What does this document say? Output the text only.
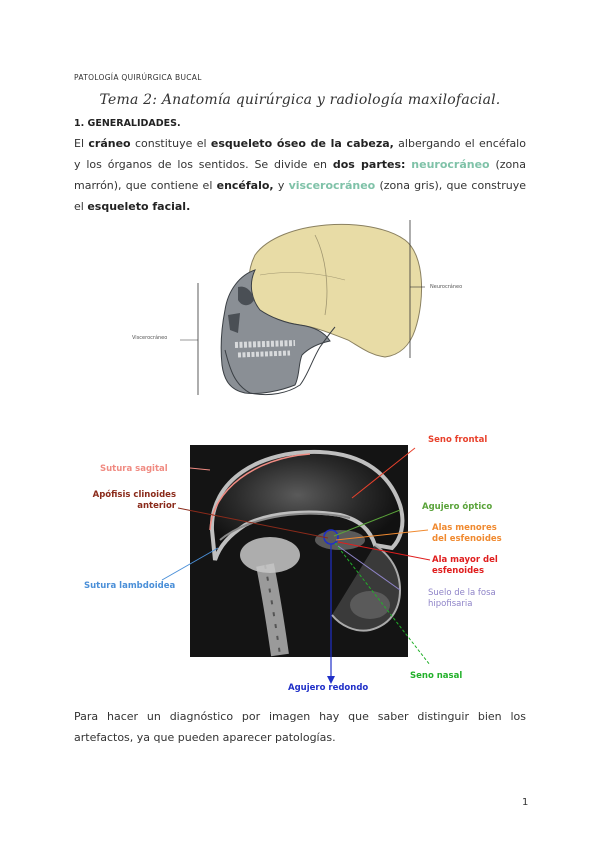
PATOLOGÍA QUIRÚRGICA BUCAL
Tema 2: Anatomía quirúrgica y radiología maxilofacial.
1. GENERALIDADES.
El cráneo constituye el esqueleto óseo de la cabeza, albergando el encéfalo y los órganos de los sentidos. Se divide en dos partes: neurocráneo (zona marrón), que contiene el encéfalo, y viscerocráneo (zona gris), que construye el esqueleto facial.
Viscerocráneo
Neurocráneo
Seno frontal
Sutura sagital
Apófisis clinoides
anterior	Agujero óptico
Alas menores
del esfenoides
Ala mayor del
esfenoides
Sutura lambdoidea
Suelo de la fosa
hipofisaria
Agujero redondo
Seno nasal
Para hacer un diagnóstico por imagen hay que saber distinguir bien los artefactos, ya que pueden aparecer patologías.
1
